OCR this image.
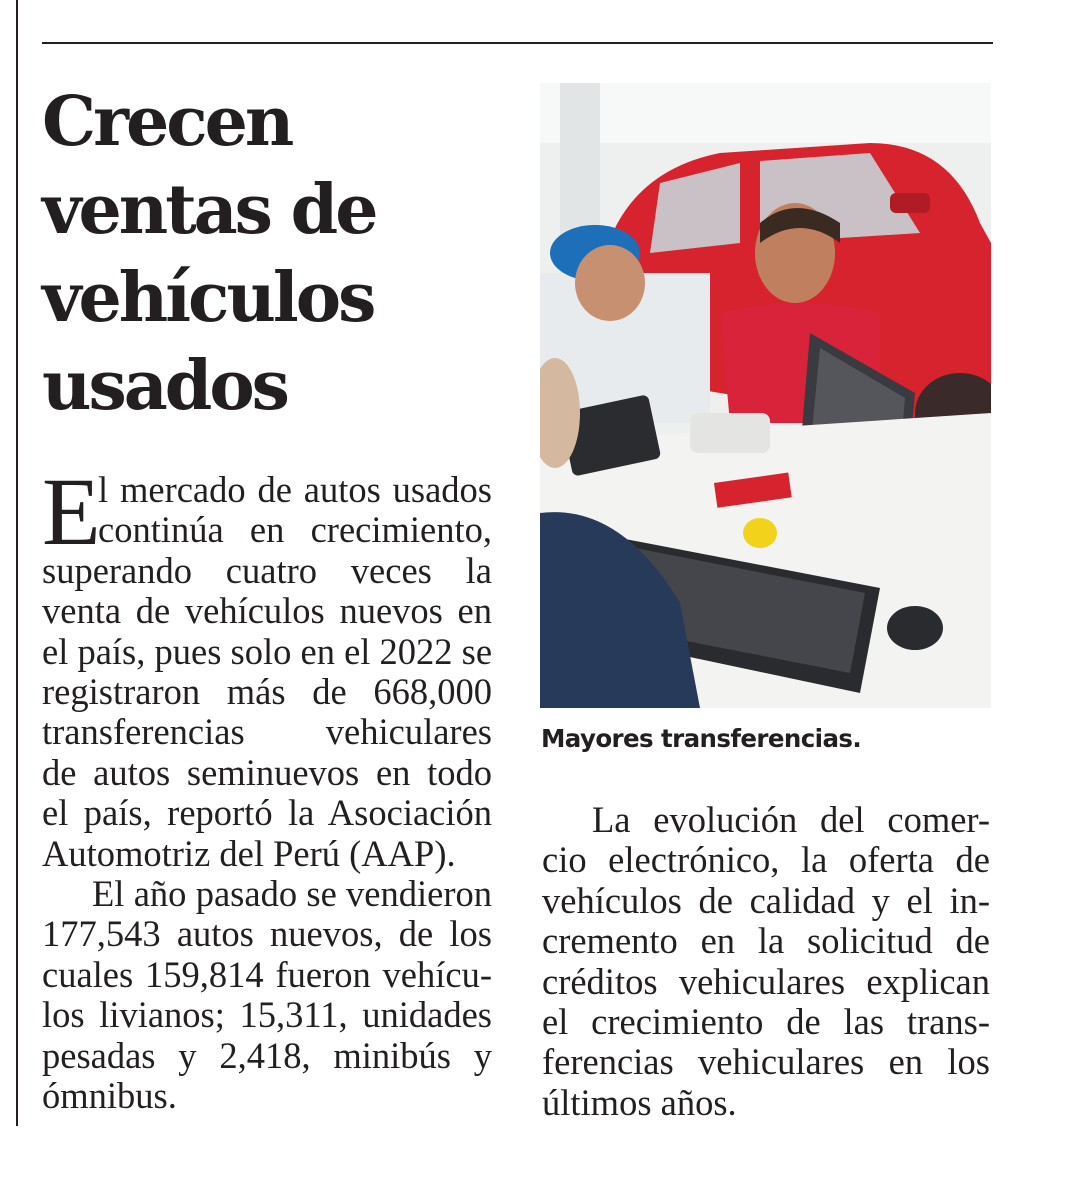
Crecen
ventas de
vehículos
usados

E
l mercado de autos usados
continúa en crecimiento,
superando cuatro veces la
venta de vehículos nuevos en
el país, pues solo en el 2022 se
registraron más de 668,000
transferencias vehiculares
de autos seminuevos en todo
el país, reportó la Asociación
Automotriz del Perú (AAP).

El año pasado se vendieron
177,543 autos nuevos, de los
cuales 159,814 fueron vehícu-
los livianos; 15,311, unidades
pesadas y 2,418, minibús y
ómnibus.

Mayores transferencias.

La evolución del comer-
cio electrónico, la oferta de
vehículos de calidad y el in-
cremento en la solicitud de
créditos vehiculares explican
el crecimiento de las trans-
ferencias vehiculares en los
últimos años.
